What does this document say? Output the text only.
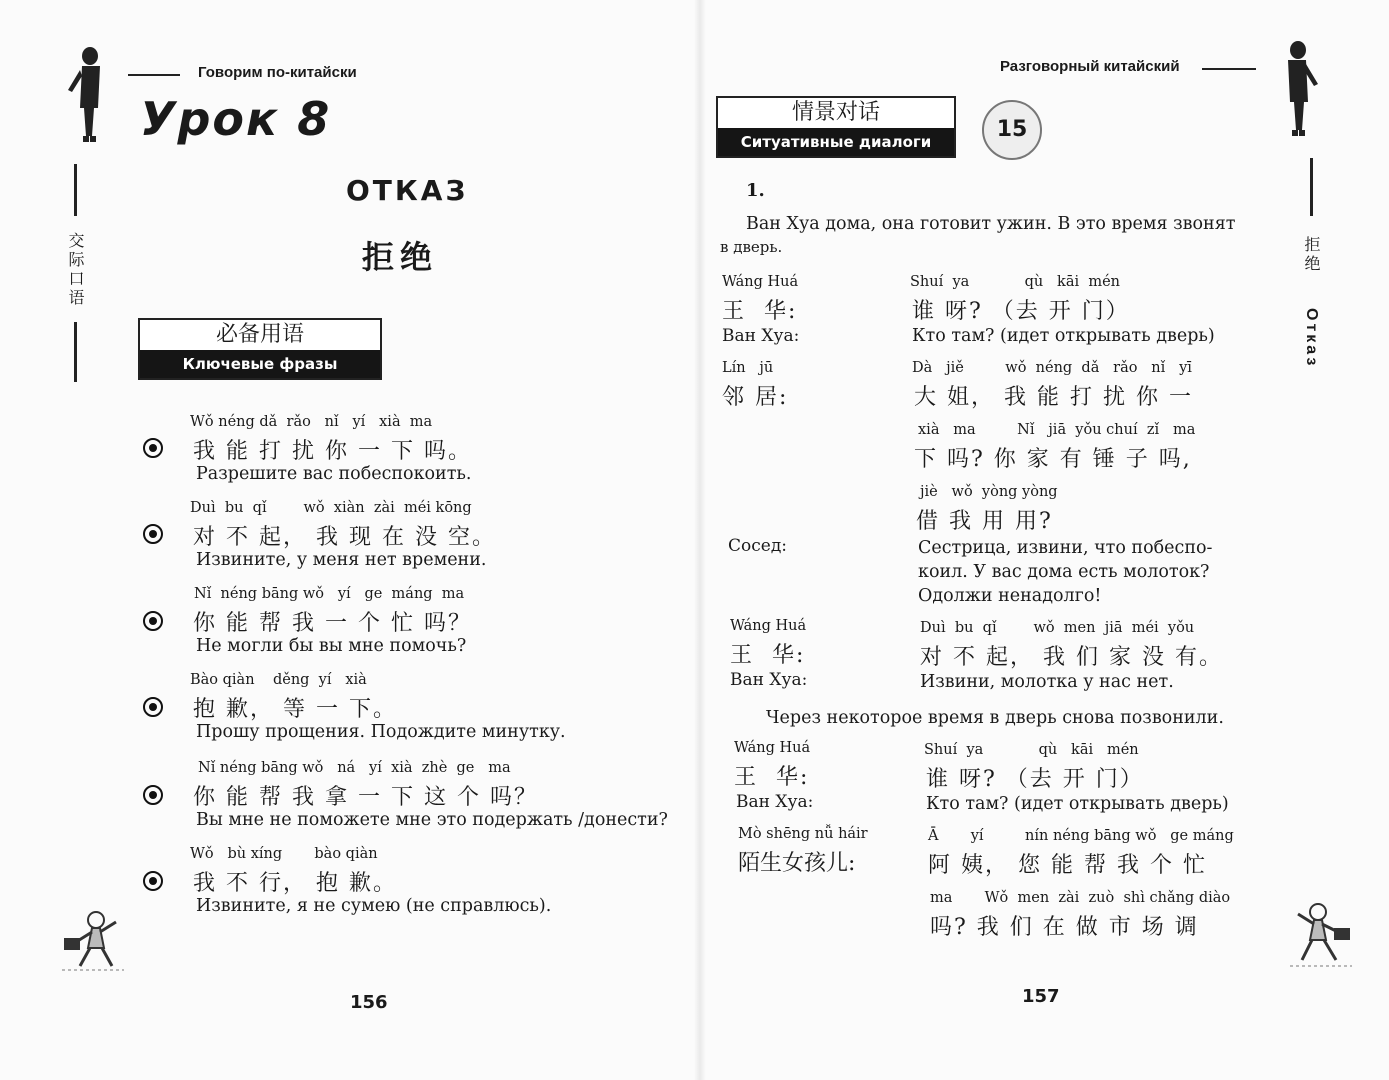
Говорим по-китайски
交际口语
Урок 8
ОТКАЗ
拒绝
必备用语
Ключевые фразы
Wǒ néng dǎ  rǎo   nǐ   yí   xià  ma
我 能 打 扰 你 一 下 吗。
Разрешите вас побеспокоить.
Duì  bu  qǐ        wǒ  xiàn  zài  méi kōng
对 不 起， 我 现 在 没 空。
Извините, у меня нет времени.
Nǐ  néng bāng wǒ   yí   ge  máng  ma
你 能 帮 我 一 个 忙 吗？
Не могли бы вы мне помочь?
Bào qiàn    děng  yí   xià
抱 歉， 等 一 下。
Прошу прощения. Подождите минутку.
Nǐ néng bāng wǒ   ná   yí  xià  zhè  ge   ma
你 能 帮 我 拿 一 下 这 个 吗？
Вы мне не поможете мне это подержать /донести?
Wǒ   bù xíng       bào qiàn
我 不 行， 抱 歉。
Извините, я не сумею (не справлюсь).
156
Разговорный китайский
拒绝
Отказ
情景对话
Ситуативные диалоги	15
1.
Ван Хуа дома, она готовит ужин. В это время звонят
в дверь.
Wáng Huá
王  华:
Shuí  ya            qù   kāi  mén
谁 呀? （去 开 门）
Ван Хуа:	Кто там? (идет открывать дверь)
Lín   jū
邻 居:
Dà   jiě         wǒ  néng  dǎ   rǎo   nǐ   yī
大 姐， 我 能 打 扰 你 一
xià   ma         Nǐ   jiā  yǒu chuí  zǐ   ma
下 吗? 你 家 有 锤 子 吗,
jiè   wǒ  yòng yòng
借 我 用 用?
Сосед:	Сестрица, извини, что побеспо-
коил. У вас дома есть молоток?
Одолжи ненадолго!
Wáng Huá
王  华:
Duì  bu  qǐ        wǒ  men  jiā  méi  yǒu
对 不 起， 我 们 家 没 有。
Ван Хуа:	Извини, молотка у нас нет.
Через некоторое время в дверь снова позвонили.
Wáng Huá
王  华:
Shuí  ya            qù   kāi   mén
谁 呀? （去 开 门）
Ван Хуа:	Кто там? (идет открывать дверь)
Mò shēng nǚ háir
陌生女孩儿:
Ā       yí         nín néng bāng wǒ   ge máng
阿 姨， 您 能 帮 我 个 忙
ma       Wǒ  men  zài  zuò  shì chǎng diào
吗? 我 们 在 做 市 场 调
157
